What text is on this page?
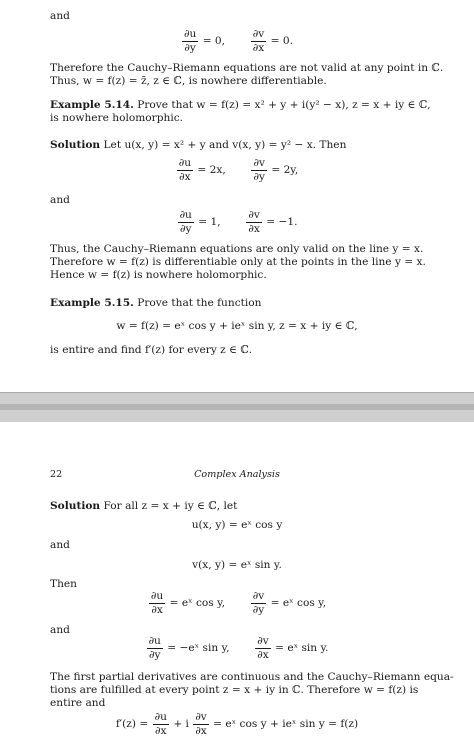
and
$\frac{\partial u}{\partial y} = 0$, $\frac{\partial v}{\partial x} = 0$.
Therefore the Cauchy–Riemann equations are not valid at any point in ℂ.
Thus, w = f(z) = z̄, z ∈ ℂ, is nowhere differentiable.
Example 5.14. Prove that w = f(z) = x² + y + i(y² − x), z = x + iy ∈ ℂ,
is nowhere holomorphic.
Solution Let u(x, y) = x² + y and v(x, y) = y² − x. Then
$\frac{\partial u}{\partial x} = 2x$, $\frac{\partial v}{\partial y} = 2y$,
and
$\frac{\partial u}{\partial y} = 1$, $\frac{\partial v}{\partial x} = -1$.
Thus, the Cauchy–Riemann equations are only valid on the line y = x.
Therefore w = f(z) is differentiable only at the points in the line y = x.
Hence w = f(z) is nowhere holomorphic.
Example 5.15. Prove that the function
w = f(z) = eˣ cos y + ieˣ sin y, z = x + iy ∈ ℂ,
is entire and find f′(z) for every z ∈ ℂ.
22	Complex Analysis
Solution For all z = x + iy ∈ ℂ, let
u(x, y) = eˣ cos y
and
v(x, y) = eˣ sin y.
Then
$\frac{\partial u}{\partial x}$ = eˣ cos y, $\frac{\partial v}{\partial y}$ = eˣ cos y,
and
$\frac{\partial u}{\partial y}$ = −eˣ sin y, $\frac{\partial v}{\partial x}$ = eˣ sin y.
The first partial derivatives are continuous and the Cauchy–Riemann equa-
tions are fulfilled at every point z = x + iy in ℂ. Therefore w = f(z) is
entire and
$f'(z) = \frac{\partial u}{\partial x} + i \frac{\partial v}{\partial x}$ = eˣ cos y + ieˣ sin y = f(z)
